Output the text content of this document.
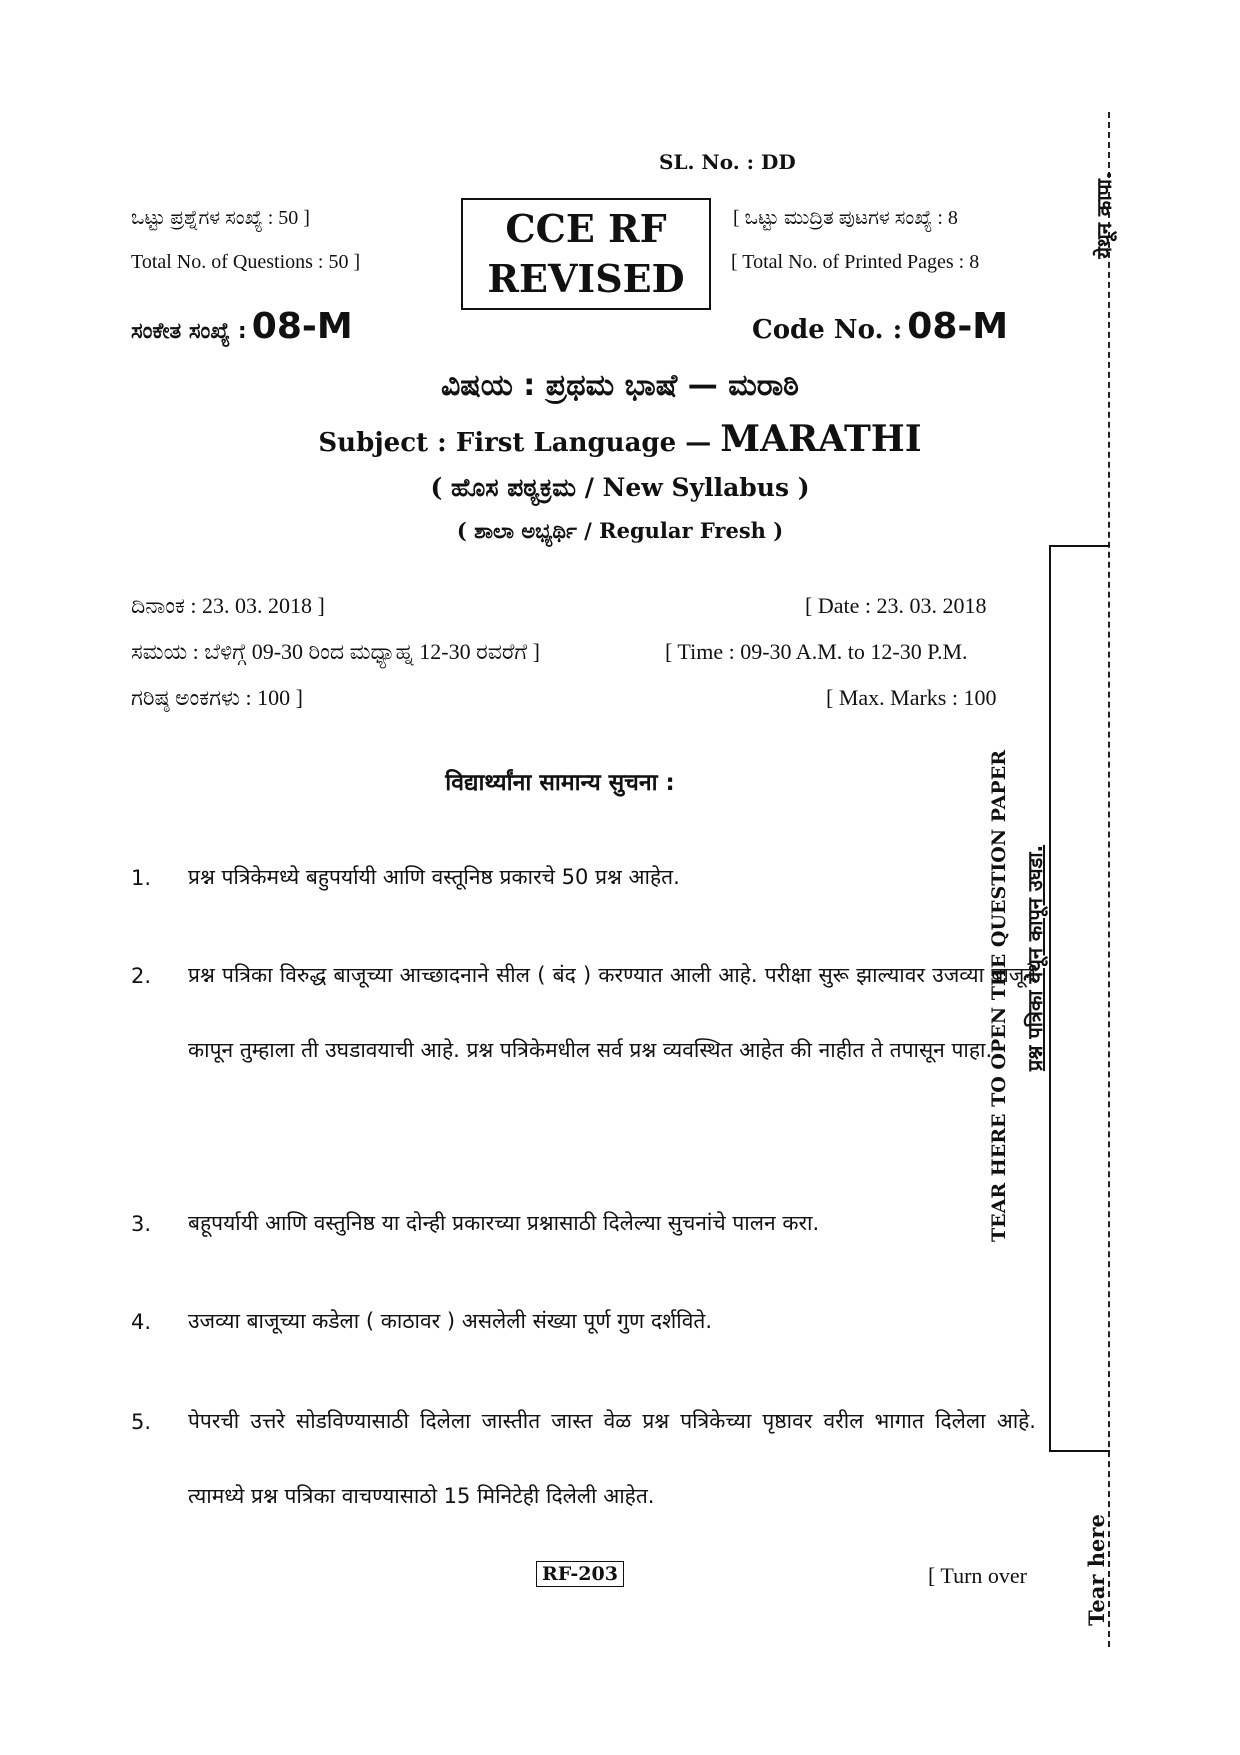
SL. No. : DD
ಒಟ್ಟು ಪ್ರಶ್ನೆಗಳ ಸಂಖ್ಯೆ : 50 ]
Total No. of Questions : 50 ]
CCE RF
REVISED
[ ಒಟ್ಟು ಮುದ್ರಿತ ಪುಟಗಳ ಸಂಖ್ಯೆ : 8
[ Total No. of Printed Pages : 8
ಸಂಕೇತ ಸಂಖ್ಯೆ : 08-M	Code No. : 08-M
ವಿಷಯ : ಪ್ರಥಮ ಭಾಷೆ — ಮರಾಠಿ
Subject : First Language — MARATHI
( ಹೊಸ ಪಠ್ಯಕ್ರಮ / New Syllabus )
( ಶಾಲಾ ಅಭ್ಯರ್ಥಿ / Regular Fresh )
ದಿನಾಂಕ : 23. 03. 2018 ]	[ Date : 23. 03. 2018
ಸಮಯ : ಬೆಳಿಗ್ಗೆ 09-30 ರಿಂದ ಮಧ್ಯಾಹ್ನ 12-30 ರವರೆಗೆ ]	[ Time : 09-30 A.M. to 12-30 P.M.
ಗರಿಷ್ಠ ಅಂಕಗಳು : 100 ]	[ Max. Marks : 100
विद्यार्थ्यांना सामान्य सुचना :
1. प्रश्न पत्रिकेमध्ये बहुपर्यायी आणि वस्तूनिष्ठ प्रकारचे 50 प्रश्न आहेत.
2. प्रश्न पत्रिका विरुद्ध बाजूच्या आच्छादनाने सील ( बंद ) करण्यात आली आहे. परीक्षा सुरू झाल्यावर उजव्या बाजूने कापून तुम्हाला ती उघडावयाची आहे. प्रश्न पत्रिकेमधील सर्व प्रश्न व्यवस्थित आहेत की नाहीत ते तपासून पाहा.
3. बहूपर्यायी आणि वस्तुनिष्ठ या दोन्ही प्रकारच्या प्रश्नासाठी दिलेल्या सुचनांचे पालन करा.
4. उजव्या बाजूच्या कडेला ( काठावर ) असलेली संख्या पूर्ण गुण दर्शविते.
5. पेपरची उत्तरे सोडविण्यासाठी दिलेला जास्तीत जास्त वेळ प्रश्न पत्रिकेच्या पृष्ठावर वरील भागात दिलेला आहे. त्यामध्ये प्रश्न पत्रिका वाचण्यासाठो 15 मिनिटेही दिलेली आहेत.
RF-203	[ Turn over
येथून कापा.
TEAR HERE TO OPEN THE QUESTION PAPER प्रश्न पत्रिका येथून कापून उघडा.
Tear here
